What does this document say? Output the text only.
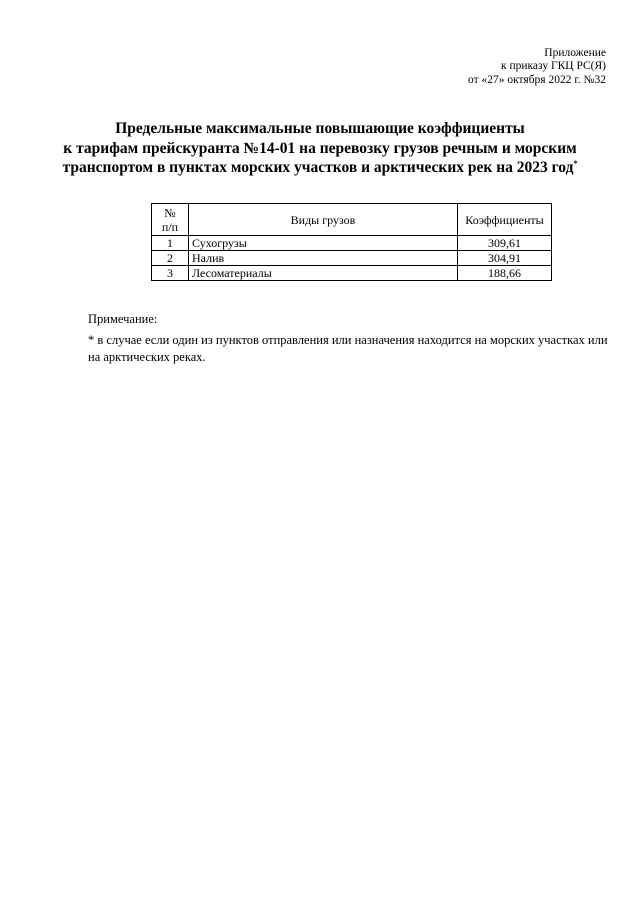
Приложение
к приказу ГКЦ РС(Я)
от «27» октября 2022 г. №32
Предельные максимальные повышающие коэффициенты
к тарифам прейскуранта №14-01 на перевозку грузов речным и морским
транспортом в пунктах морских участков и арктических рек на 2023 год*
№
п/п	Виды грузов	Коэффициенты
1	Сухогрузы	309,61
2	Налив	304,91
3	Лесоматериалы	188,66
Примечание:
* в случае если один из пунктов отправления или назначения находится на морских участках или на арктических реках.
